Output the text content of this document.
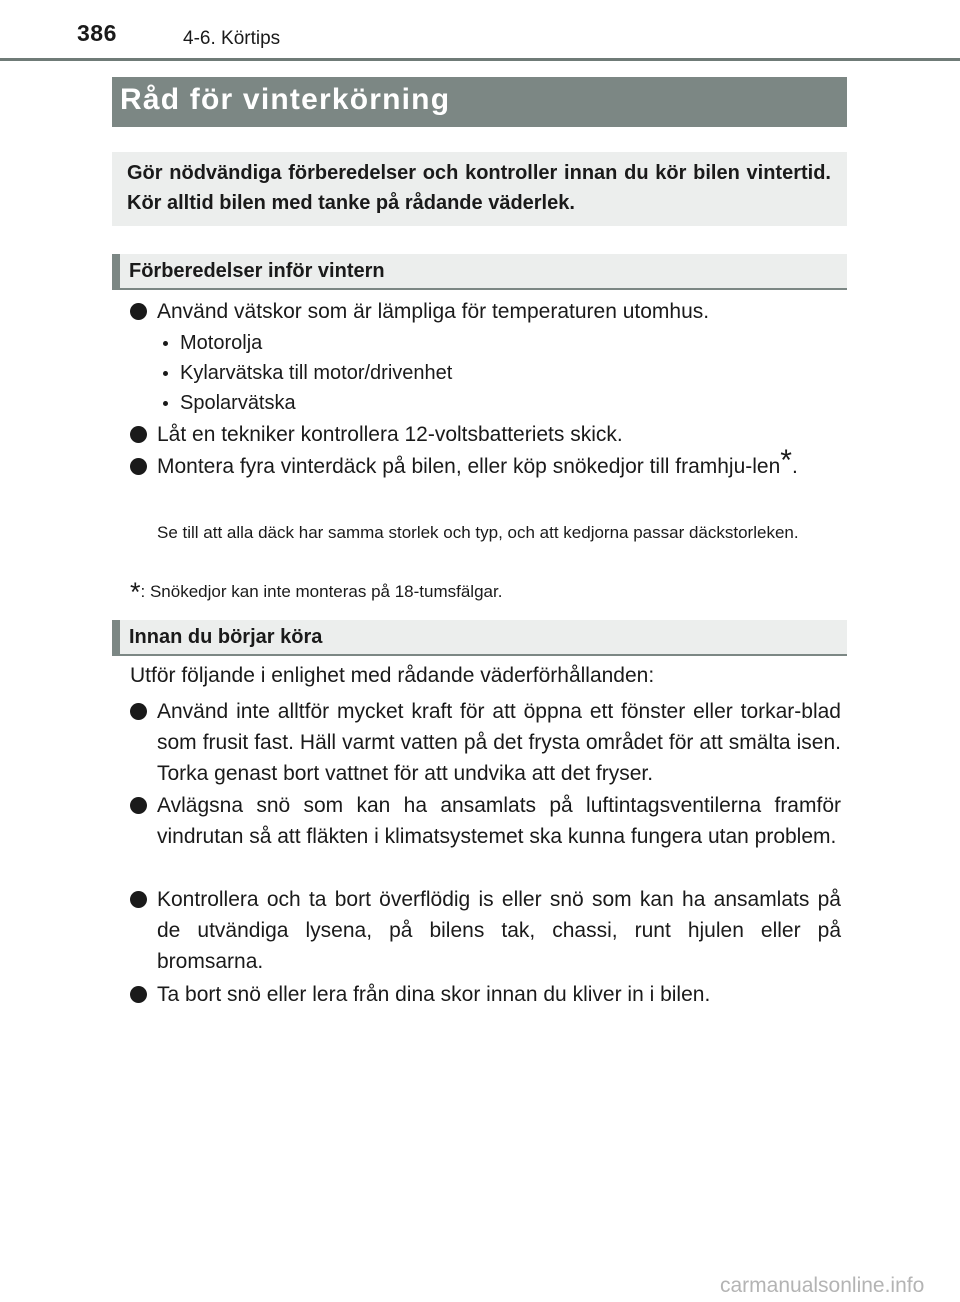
386	4-6. Körtips
Råd för vinterkörning

Gör nödvändiga förberedelser och kontroller innan du kör bilen vintertid. Kör alltid bilen med tanke på rådande väderlek.

Förberedelser inför vintern
Använd vätskor som är lämpliga för temperaturen utomhus.
Motorolja
Kylarvätska till motor/drivenhet
Spolarvätska
Låt en tekniker kontrollera 12-voltsbatteriets skick.
Montera fyra vinterdäck på bilen, eller köp snökedjor till framhju-len*.
Se till att alla däck har samma storlek och typ, och att kedjorna passar däckstorleken.
*: Snökedjor kan inte monteras på 18-tumsfälgar.
Innan du börjar köra
Utför följande i enlighet med rådande väderförhållanden:
Använd inte alltför mycket kraft för att öppna ett fönster eller torkar-blad som frusit fast. Häll varmt vatten på det frysta området för att smälta isen. Torka genast bort vattnet för att undvika att det fryser.
Avlägsna snö som kan ha ansamlats på luftintagsventilerna framför vindrutan så att fläkten i klimatsystemet ska kunna fungera utan problem.
Kontrollera och ta bort överflödig is eller snö som kan ha ansamlats på de utvändiga lysena, på bilens tak, chassi, runt hjulen eller på bromsarna.
Ta bort snö eller lera från dina skor innan du kliver in i bilen.
carmanualsonline.info
